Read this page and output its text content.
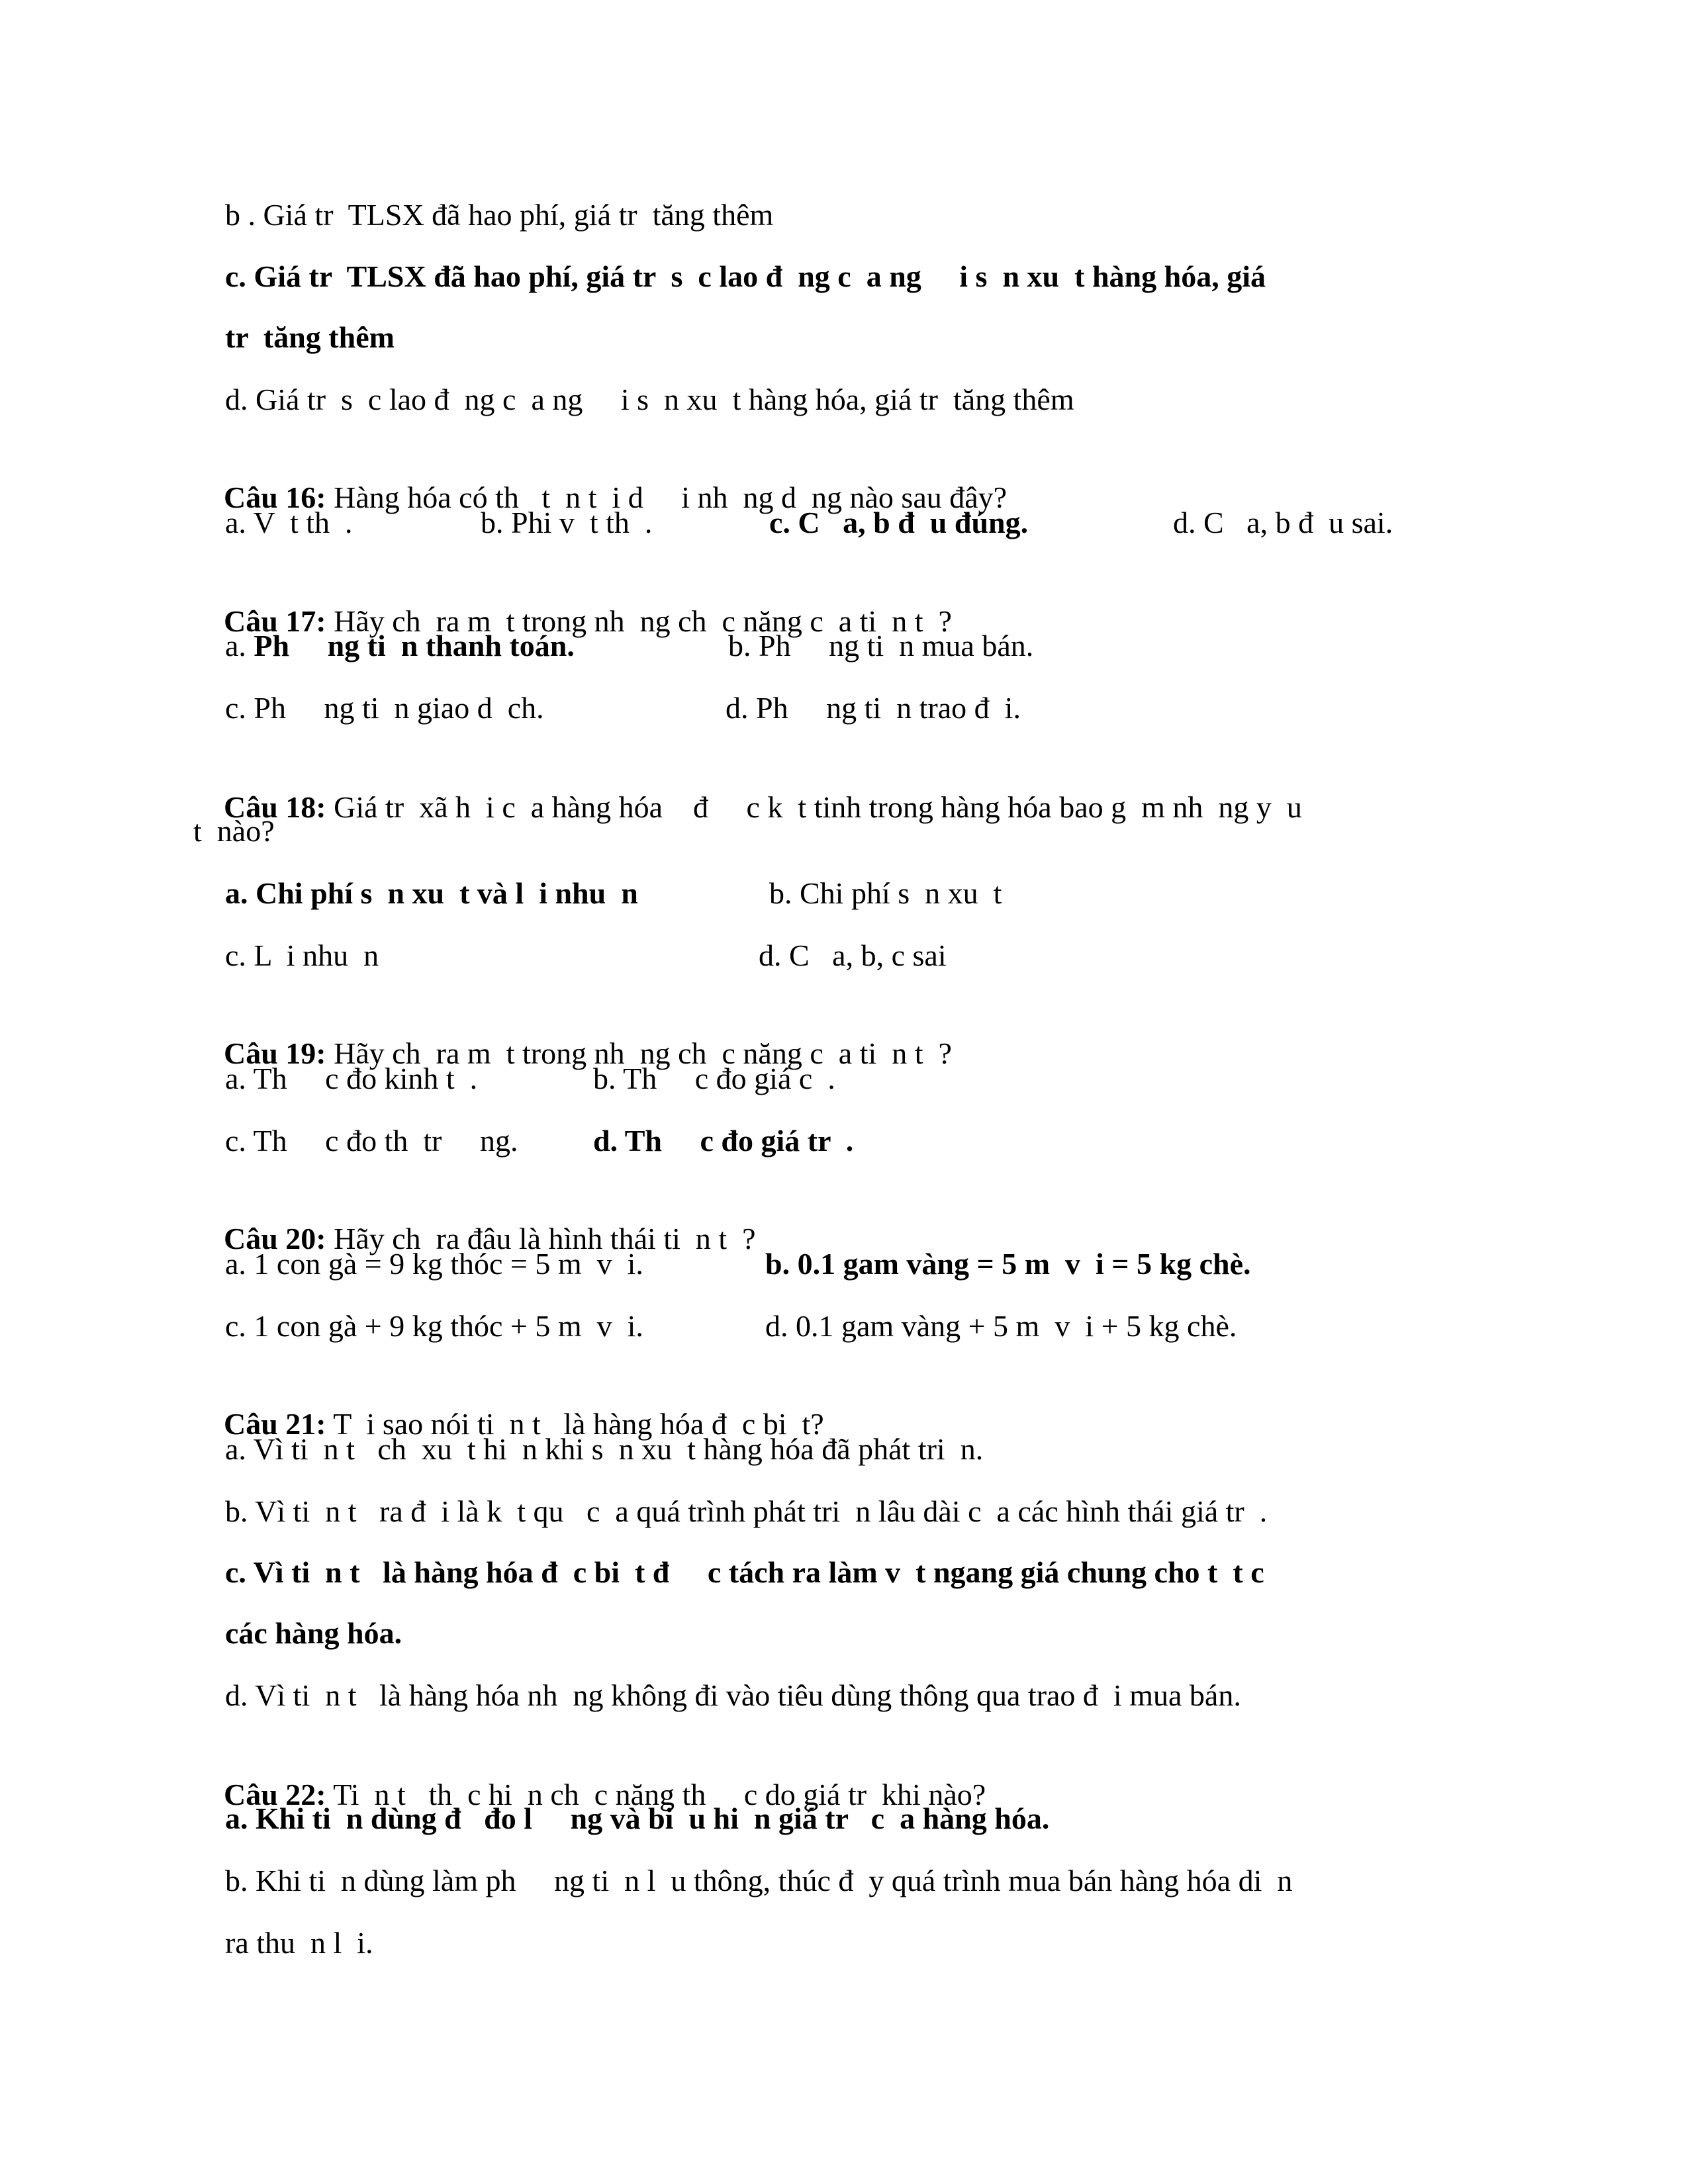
b . Giá tr  TLSX đã hao phí, giá tr  tăng thêm
c. Giá tr  TLSX đã hao phí, giá tr  s  c lao đ  ng c  a ng     i s  n xu  t hàng hóa, giá
tr  tăng thêm
d. Giá tr  s  c lao đ  ng c  a ng     i s  n xu  t hàng hóa, giá tr  tăng thêm

Câu 16: Hàng hóa có th   t  n t  i d     i nh  ng d  ng nào sau đây?

a. V  t th  .

	b. Phi v  t th  .

	c. C   a, b đ  u đúng.

	d. C   a, b đ  u sai.

Câu 17: Hãy ch  ra m  t trong nh  ng ch  c năng c  a ti  n t  ?

a. Ph     ng ti  n thanh toán.

	b. Ph     ng ti  n mua bán.

c. Ph     ng ti  n giao d  ch.

	d. Ph     ng ti  n trao đ  i.

Câu 18: Giá tr  xã h  i c  a hàng hóa    đ     c k  t tinh trong hàng hóa bao g  m nh  ng y  u

t  nào?

a. Chi phí s  n xu  t và l  i nhu  n

	b. Chi phí s  n xu  t

c. L  i nhu  n

	d. C   a, b, c sai

Câu 19: Hãy ch  ra m  t trong nh  ng ch  c năng c  a ti  n t  ?

a. Th     c đo kinh t  .

	b. Th     c đo giá c  .

c. Th     c đo th  tr     ng.

d. Th     c đo giá tr  .

Câu 20: Hãy ch  ra đâu là hình thái ti  n t  ?

a. 1 con gà = 9 kg thóc = 5 m  v  i.

	b. 0.1 gam vàng = 5 m  v  i = 5 kg chè.

c. 1 con gà + 9 kg thóc + 5 m  v  i.

	d. 0.1 gam vàng + 5 m  v  i + 5 kg chè.

Câu 21: T  i sao nói ti  n t   là hàng hóa đ  c bi  t?

a. Vì ti  n t   ch  xu  t hi  n khi s  n xu  t hàng hóa đã phát tri  n.
b. Vì ti  n t   ra đ  i là k  t qu   c  a quá trình phát tri  n lâu dài c  a các hình thái giá tr  .
c. Vì ti  n t   là hàng hóa đ  c bi  t đ     c tách ra làm v  t ngang giá chung cho t  t c
các hàng hóa.
d. Vì ti  n t   là hàng hóa nh  ng không đi vào tiêu dùng thông qua trao đ  i mua bán.

Câu 22: Ti  n t   th  c hi  n ch  c năng th     c do giá tr  khi nào?

a. Khi ti  n dùng đ   đo l     ng và bi  u hi  n giá tr   c  a hàng hóa.
b. Khi ti  n dùng làm ph     ng ti  n l  u thông, thúc đ  y quá trình mua bán hàng hóa di  n
ra thu  n l  i.
